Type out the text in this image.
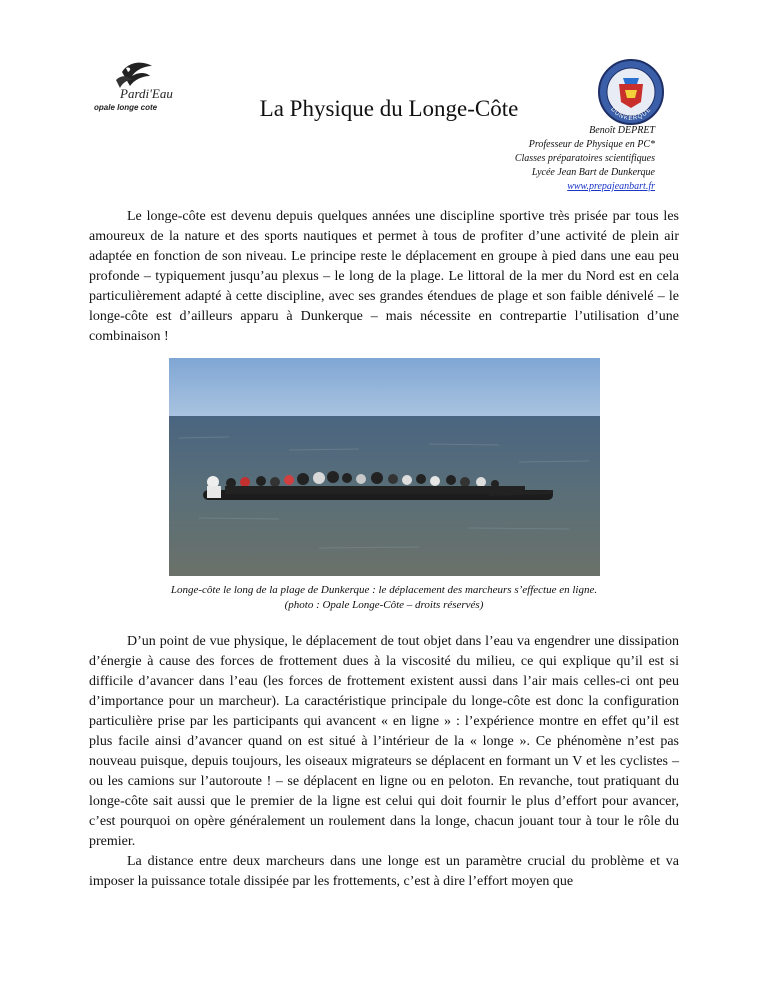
Pardi'Eau
opale longe cote	DUNKERQUE
La Physique du Longe-Côte
Benoît DEPRET
Professeur de Physique en PC*
Classes préparatoires scientifiques
Lycée Jean Bart de Dunkerque
www.prepajeanbart.fr

Le longe-côte est devenu depuis quelques années une discipline sportive très prisée par tous les amoureux de la nature et des sports nautiques et permet à tous de profiter d’une activité de plein air adaptée en fonction de son niveau. Le principe reste le déplacement en groupe à pied dans une eau peu profonde – typiquement jusqu’au plexus – le long de la plage. Le littoral de la mer du Nord est en cela particulièrement adapté à cette discipline, avec ses grandes étendues de plage et son faible dénivelé – le longe-côte est d’ailleurs apparu à Dunkerque – mais nécessite en contrepartie l’utilisation d’une combinaison !

Longe-côte le long de la plage de Dunkerque : le déplacement des marcheurs s’effectue en ligne.
(photo : Opale Longe-Côte – droits réservés)

D’un point de vue physique, le déplacement de tout objet dans l’eau va engendrer une dissipation d’énergie à cause des forces de frottement dues à la viscosité du milieu, ce qui explique qu’il est si difficile d’avancer dans l’eau (les forces de frottement existent aussi dans l’air mais celles-ci ont peu d’importance pour un marcheur). La caractéristique principale du longe-côte est donc la configuration particulière prise par les participants qui avancent « en ligne » : l’expérience montre en effet qu’il est plus facile ainsi d’avancer quand on est situé à l’intérieur de la « longe ». Ce phénomène n’est pas nouveau puisque, depuis toujours, les oiseaux migrateurs se déplacent en formant un V et les cyclistes – ou les camions sur l’autoroute ! – se déplacent en ligne ou en peloton. En revanche, tout pratiquant du longe-côte sait aussi que le premier de la ligne est celui qui doit fournir le plus d’effort pour avancer, c’est pourquoi on opère généralement un roulement dans la longe, chacun jouant tour à tour le rôle du premier.

La distance entre deux marcheurs dans une longe est un paramètre crucial du problème et va imposer la puissance totale dissipée par les frottements, c’est à dire l’effort moyen que
